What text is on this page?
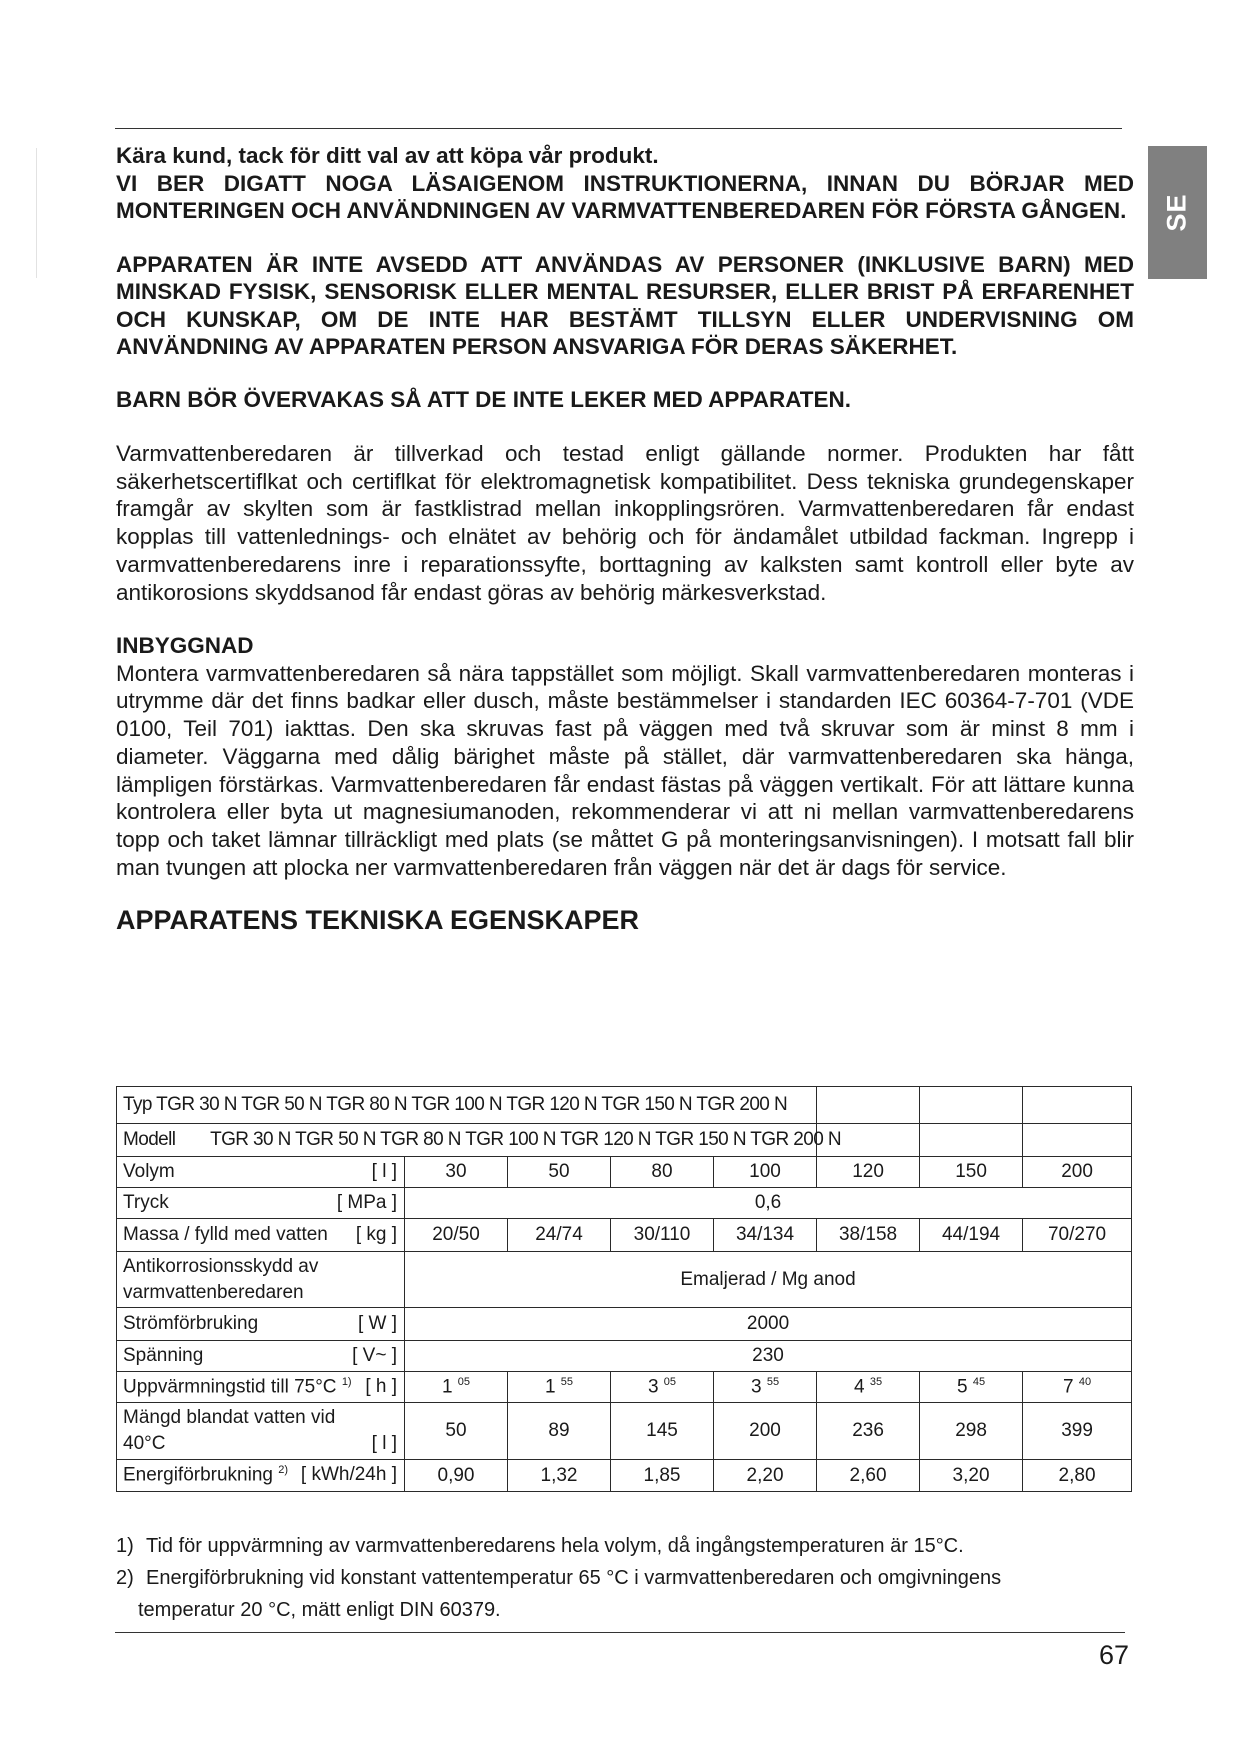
SE

Kära kund, tack för ditt val av att köpa vår produkt.

VI BER DIGATT NOGA LÄSAIGENOM INSTRUKTIONERNA, INNAN DU BÖRJAR MED MONTERINGEN OCH ANVÄNDNINGEN AV VARMVATTENBEREDAREN FÖR FÖRSTA GÅNGEN.

APPARATEN ÄR INTE AVSEDD ATT ANVÄNDAS AV PERSONER (INKLUSIVE BARN) MED MINSKAD FYSISK, SENSORISK ELLER MENTAL RESURSER, ELLER BRIST PÅ ERFARENHET OCH KUNSKAP, OM DE INTE HAR BESTÄMT TILLSYN ELLER UNDERVISNING OM ANVÄNDNING AV APPARATEN PERSON ANSVARIGA FÖR DERAS SÄKERHET.

BARN BÖR ÖVERVAKAS SÅ ATT DE INTE LEKER MED APPARATEN.

Varmvattenberedaren är tillverkad och testad enligt gällande normer. Produkten har fått säkerhetscertiflkat och certiflkat för elektromagnetisk kompatibilitet. Dess tekniska grundegenskaper framgår av skylten som är fastklistrad mellan inkopplingsrören. Varmvattenberedaren får endast kopplas till vattenlednings- och elnätet av behörig och för ändamålet utbildad fackman. Ingrepp i varmvattenberedarens inre i reparationssyfte, borttagning av kalksten samt kontroll eller byte av antikorosions skyddsanod får endast göras av behörig märkesverkstad.

INBYGGNAD

Montera varmvattenberedaren så nära tappstället som möjligt. Skall varmvattenberedaren monteras i utrymme där det finns badkar eller dusch, måste bestämmelser i standarden IEC 60364-7-701 (VDE 0100, Teil 701) iakttas. Den ska skruvas fast på väggen med två skruvar som är minst 8 mm i diameter. Väggarna med dålig bärighet måste på stället, där varmvattenberedaren ska hänga, lämpligen förstärkas. Varmvattenberedaren får endast fästas på väggen vertikalt. För att lättare kunna kontrolera eller byta ut magnesiumanoden, rekommenderar vi att ni mellan varmvattenberedarens topp och taket lämnar tillräckligt med plats (se måttet G på monteringsanvisningen). I motsatt fall blir man tvungen att plocka ner varmvattenberedaren från väggen när det är dags för service.

APPARATENS TEKNISKA EGENSKAPER

Typ TGR 30 N TGR 50 N TGR 80 N TGR 100 N TGR 120 N TGR 150 N TGR 200 N							
Modell TGR 30 N TGR 50 N TGR 80 N TGR 100 N TGR 120 N TGR 150 N TGR 200 N							
Volym [ l ]	30	50	80	100	120	150	200
Tryck [ MPa ]	0,6						
Massa / fylld med vatten [ kg ]	20/50	24/74	30/110	34/134	38/158	44/194	70/270
Antikorrosionsskydd av
varmvattenberedaren	Emaljerad / Mg anod						
Strömförbruking [ W ]	2000						
Spänning [ V~ ]	230						
Uppvärmningstid till 75°C $^{1)}$ [ h ]	1 $^{05}$	1 $^{55}$	3 $^{05}$	3 $^{55}$	4 $^{35}$	5 $^{45}$	7 $^{40}$
Mängd blandat vatten vid
40°C [ l ]	50	89	145	200	236	298	399
Energiförbrukning $^{2)}$ [ kWh/24h ]	0,90	1,32	1,85	2,20	2,60	3,20	2,80
1) Tid för uppvärmning av varmvattenberedarens hela volym, då ingångstemperaturen är 15°C.
2) Energiförbrukning vid konstant vattentemperatur 65 °C i varmvattenberedaren och omgivningens
temperatur 20 °C, mätt enligt DIN 60379.
67
